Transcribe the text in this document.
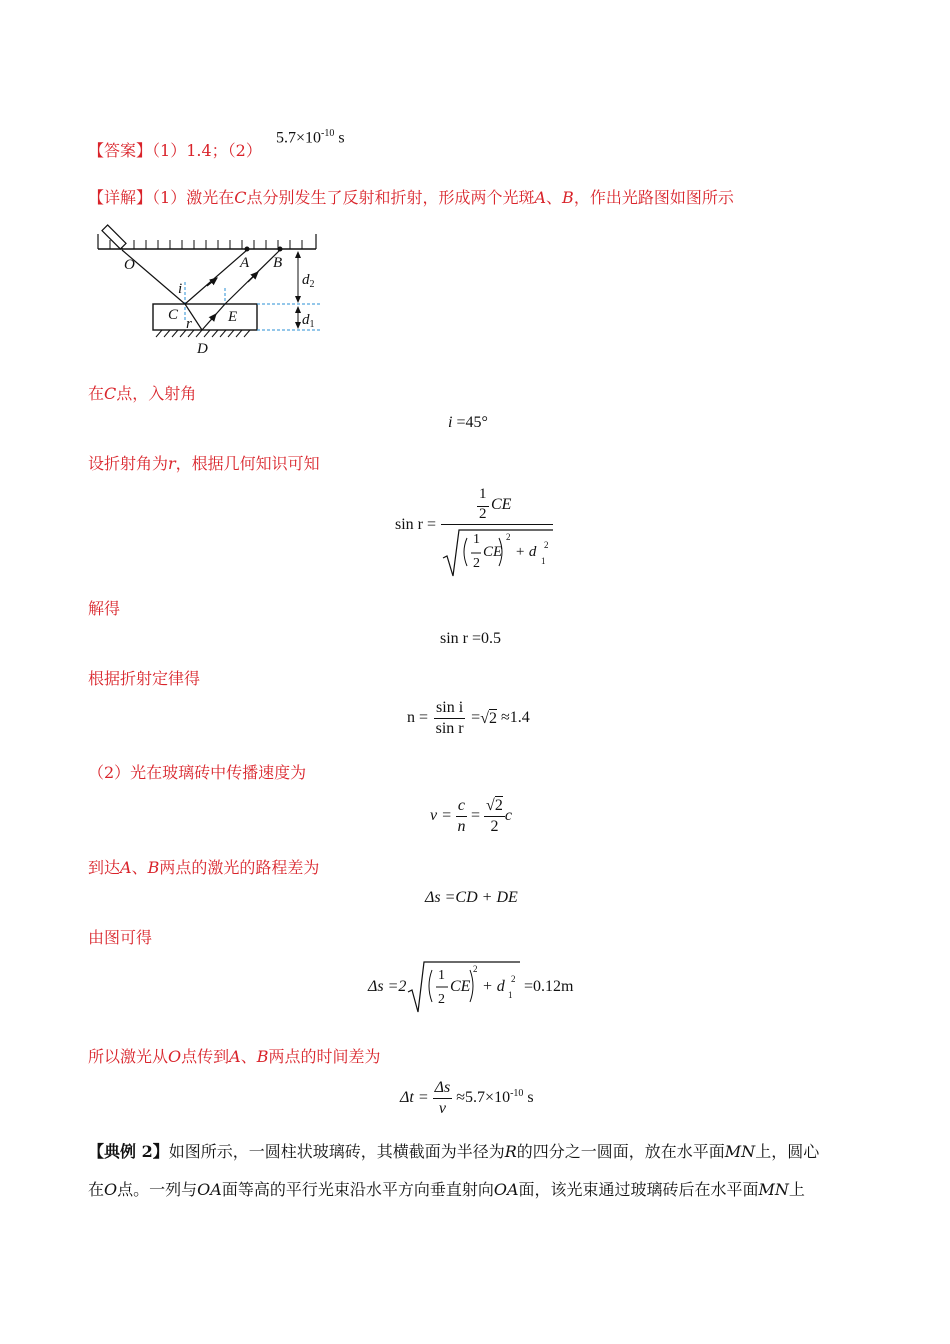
【答案】（1）1.4；（2）
$5.7\times 10^{-10}$ s
【详解】（1）激光在C点分别发生了反射和折射，形成两个光斑A、B，作出光路图如图所示
O	A B
C	E
D
i
r
$d_2$
$d_1$
在C点，入射角
i =45°
设折射角为r，根据几何知识可知
sin r =
1
2
CE
1
2
CE
2
+ d 2
1
解得
sin r =0.5
根据折射定律得
$n = \frac{\text{sin i}}{\text{sin r}} =√2 \approx 1.4$
（2）光在玻璃砖中传播速度为
$v = \frac{c}{n} = \frac{√2}{2}$ c
到达A、B两点的激光的路程差为
Δs =CD + DE
由图可得
Δs =2
1
2
CE
2
+ d 2
1 =0.12m
所以激光从O点传到A、B两点的时间差为
$\Delta t = \frac{\Delta s}{v} \approx 5.7\times 10^{-10}$ s
【典例 2】如图所示，一圆柱状玻璃砖，其横截面为半径为R的四分之一圆面，放在水平面MN上，圆心
在O点。一列与OA面等高的平行光束沿水平方向垂直射向OA面，该光束通过玻璃砖后在水平面MN上
